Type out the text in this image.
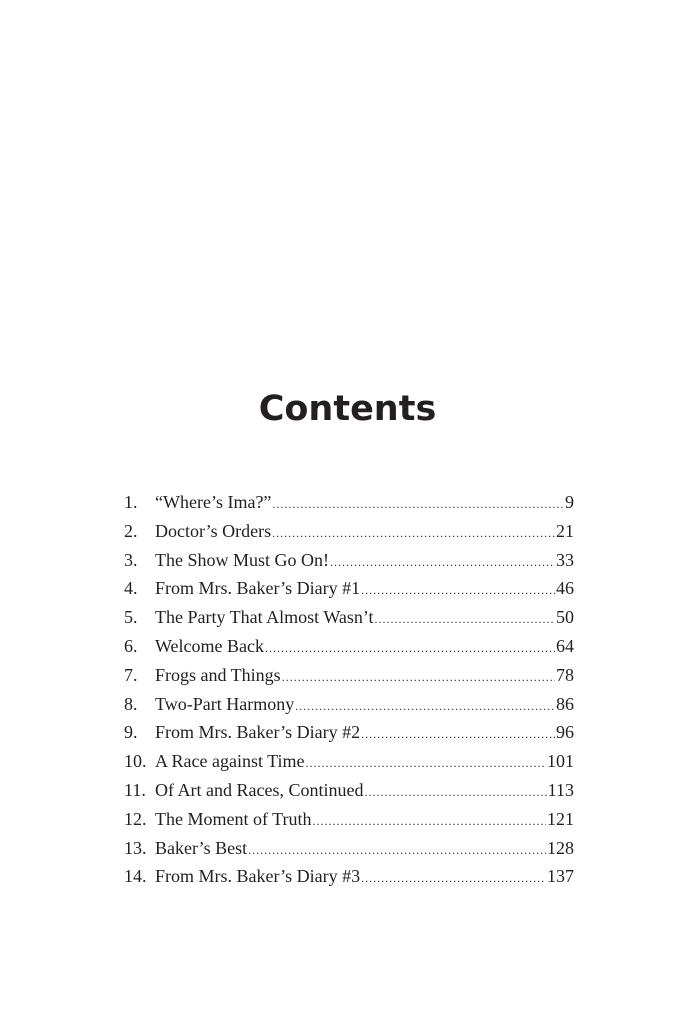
Contents
1. “Where’s Ima?” .....	9
2. Doctor’s Orders .....	21
3. The Show Must Go On! .....	33
4. From Mrs. Baker’s Diary #1 .....	46
5. The Party That Almost Wasn’t .....	50
6. Welcome Back .....	64
7. Frogs and Things .....	78
8. Two-Part Harmony .....	86
9. From Mrs. Baker’s Diary #2 .....	96
10. A Race against Time .....	101
11. Of Art and Races, Continued .....	113
12. The Moment of Truth .....	121
13. Baker’s Best .....	128
14. From Mrs. Baker’s Diary #3 .....	137
